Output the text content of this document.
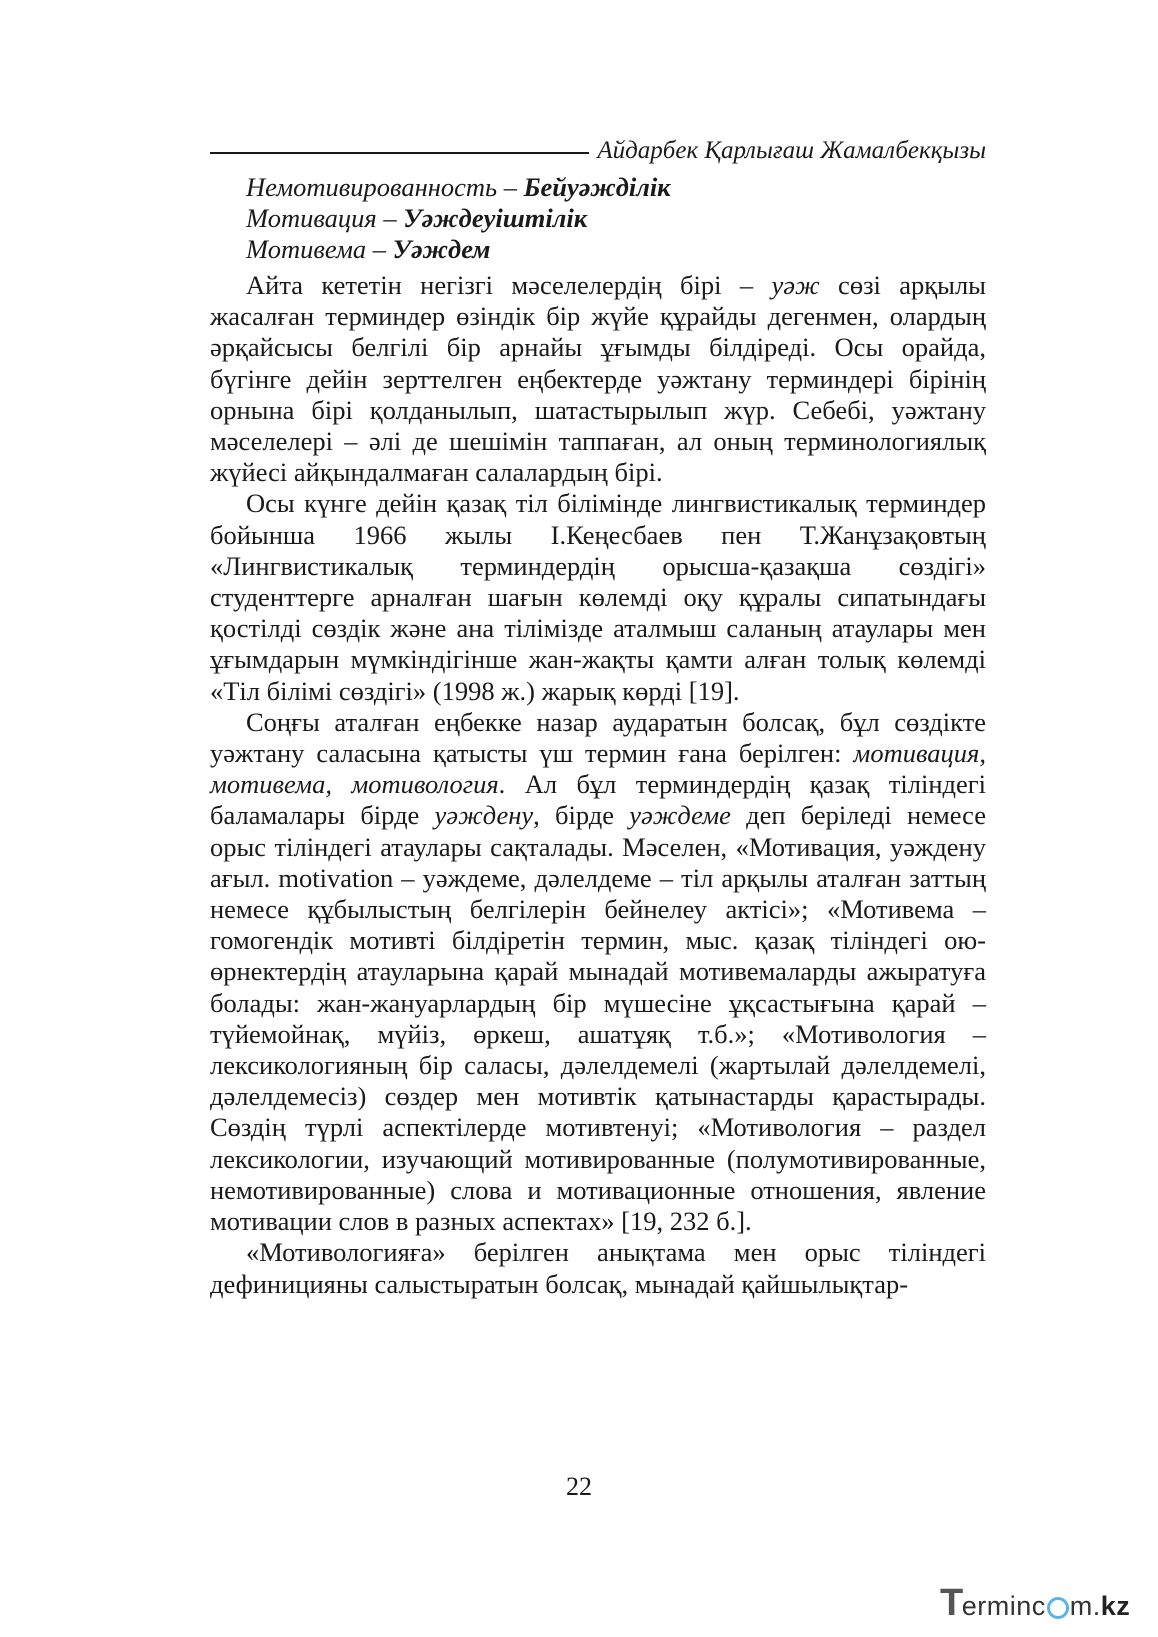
Айдарбек Қарлығаш Жамалбекқызы
Немотивированность – Бейуәждiлiк
Мотивация – Уәждеуiштiлiк
Мотивема – Уәждем

Айта кететін негізгі мәселелердің бірі – уәж сөзі арқылы жасалған терминдер өзіндік бір жүйе құрайды дегенмен, олардың әрқайсысы белгілі бір арнайы ұғымды білдіреді. Осы орайда, бүгінге дейін зерттелген еңбектерде уәжтану терминдері бірінің орнына бірі қолданылып, шатастырылып жүр. Себебі, уәжтану мәселелері – әлі де шешімін таппаған, ал оның терминологиялық жүйесі айқындалмаған салалардың бірі.

Осы күнге дейін қазақ тіл білімінде лингвистикалық терминдер бойынша 1966 жылы І.Кеңесбаев пен Т.Жанұзақовтың «Лингвистикалық терминдердің орысша-қазақша сөздігі» студенттерге арналған шағын көлемді оқу құралы сипатындағы қостілді сөздік және ана тілімізде аталмыш саланың атаулары мен ұғымдарын мүмкіндігінше жан-жақты қамти алған толық көлемді «Тіл білімі сөздігі» (1998 ж.) жарық көрді [19].

Соңғы аталған еңбекке назар аударатын болсақ, бұл сөздікте уәжтану саласына қатысты үш термин ғана берілген: мотивация, мотивема, мотивология. Ал бұл терминдердің қазақ тіліндегі баламалары бірде уәждену, бірде уәждеме деп беріледі немесе орыс тіліндегі атаулары сақталады. Мәселен, «Мотивация, уәждену ағыл. motivation – уәждеме, дәлелдеме – тіл арқылы аталған заттың немесе құбылыстың белгілерін бейнелеу актісі»; «Мотивема – гомогендік мотивті білдіретін термин, мыс. қазақ тіліндегі ою-өрнектердің атауларына қарай мынадай мотивемаларды ажыратуға болады: жан-жануарлардың бір мүшесіне ұқсастығына қарай – түйемойнақ, мүйіз, өркеш, ашатұяқ т.б.»; «Мотивология – лексикологияның бір саласы, дәлелдемелі (жартылай дәлелдемелі, дәлелдемесіз) сөздер мен мотивтік қатынастарды қарастырады. Сөздің түрлі аспектілерде мотивтенуі; «Мотивология – раздел лексикологии, изучающий мотивированные (полумотивированные, немотивированные) слова и мотивационные отношения, явление мотивации слов в разных аспектах» [19, 232 б.].

«Мотивологияға» берілген анықтама мен орыс тіліндегі дефиницияны салыстыратын болсақ, мынадай қайшылықтар-

22
T
erminc m. kz
